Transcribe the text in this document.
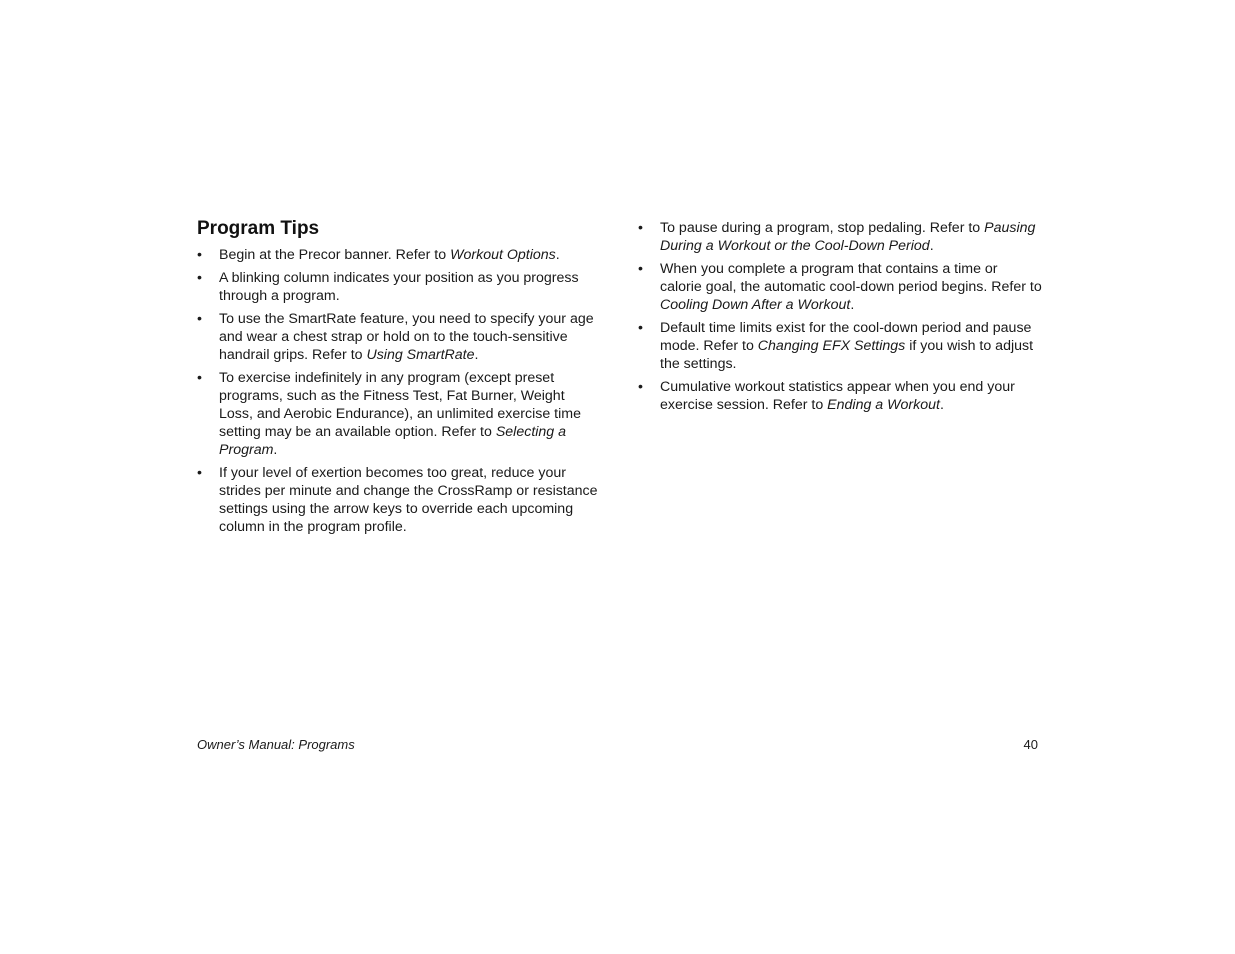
Program Tips
•	Begin at the Precor banner. Refer to Workout Options.
•	A blinking column indicates your position as you progress through a program.
•	To use the SmartRate feature, you need to specify your age and wear a chest strap or hold on to the touch-sensitive handrail grips. Refer to Using SmartRate.
•	To exercise indefinitely in any program (except preset programs, such as the Fitness Test, Fat Burner, Weight Loss, and Aerobic Endurance), an unlimited exercise time setting may be an available option. Refer to Selecting a Program.
•	If your level of exertion becomes too great, reduce your strides per minute and change the CrossRamp or resistance settings using the arrow keys to override each upcoming column in the program profile.
•	To pause during a program, stop pedaling. Refer to Pausing During a Workout or the Cool-Down Period.
•	When you complete a program that contains a time or calorie goal, the automatic cool-down period begins. Refer to Cooling Down After a Workout.
•	Default time limits exist for the cool-down period and pause mode. Refer to Changing EFX Settings if you wish to adjust the settings.
•	Cumulative workout statistics appear when you end your exercise session. Refer to Ending a Workout.
Owner’s Manual: Programs	40
